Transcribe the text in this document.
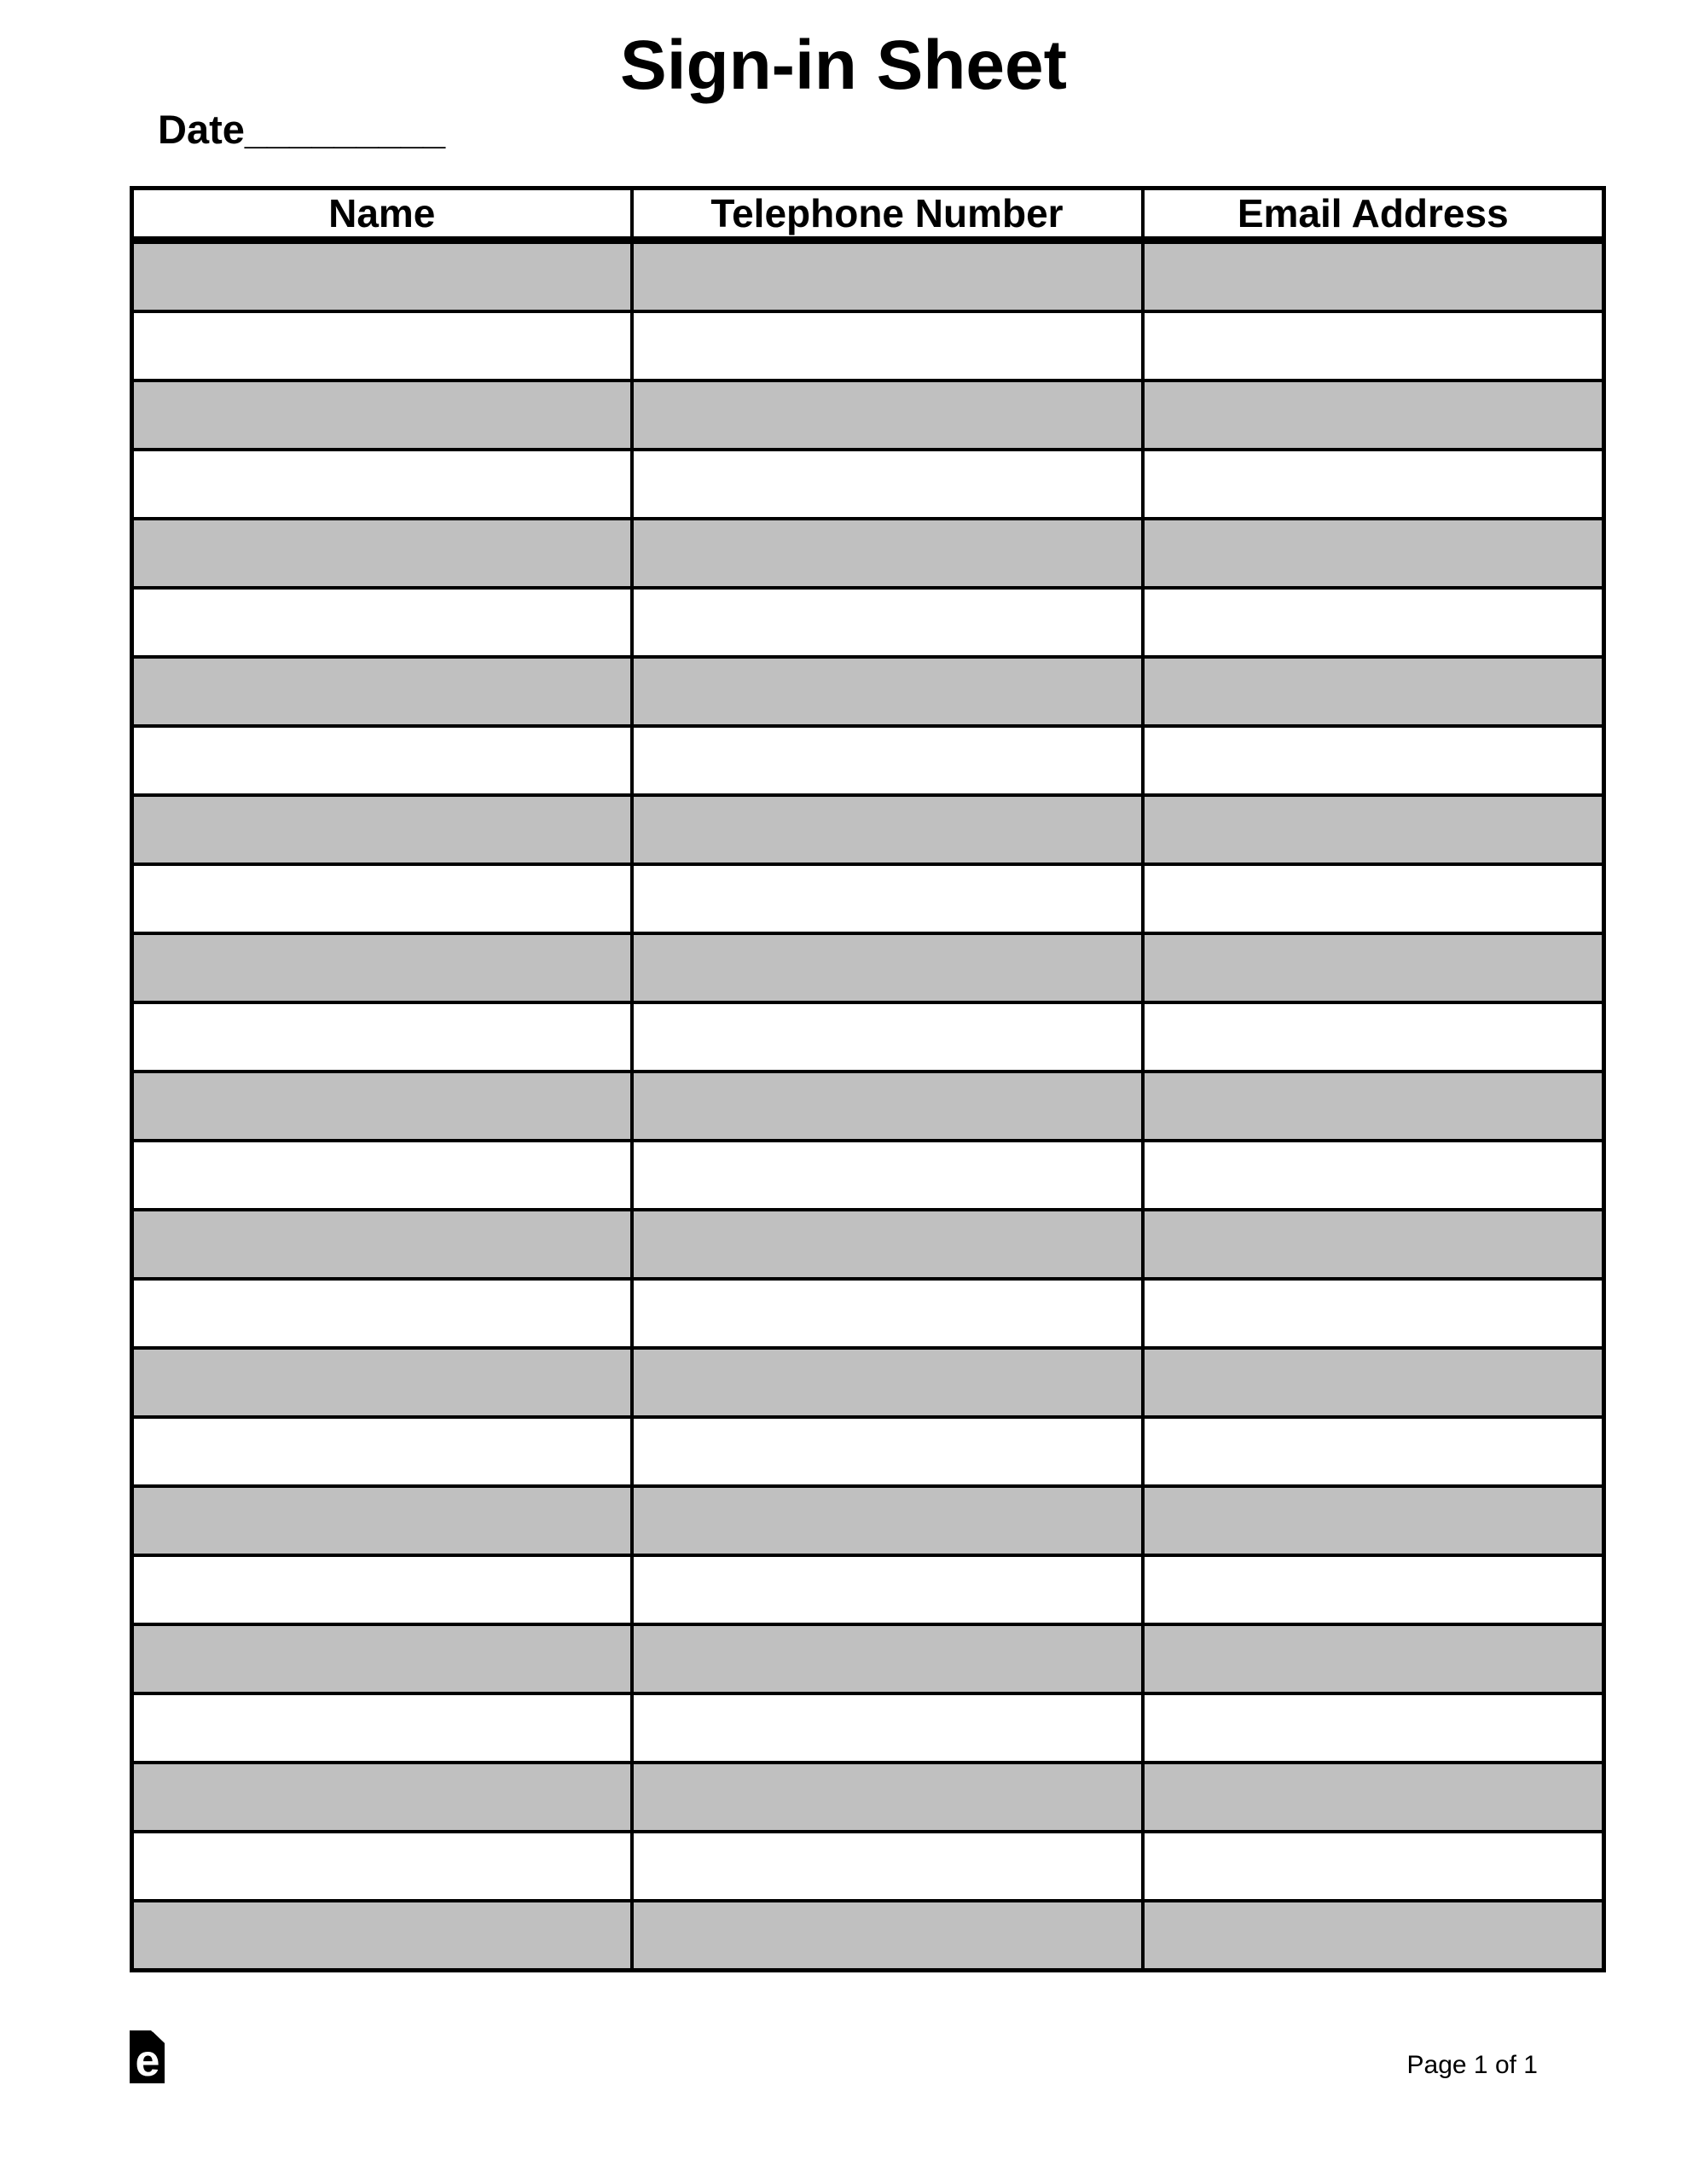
Sign-in Sheet
Date_________
Name	Telephone Number	Email Address

e	Page 1 of 1
